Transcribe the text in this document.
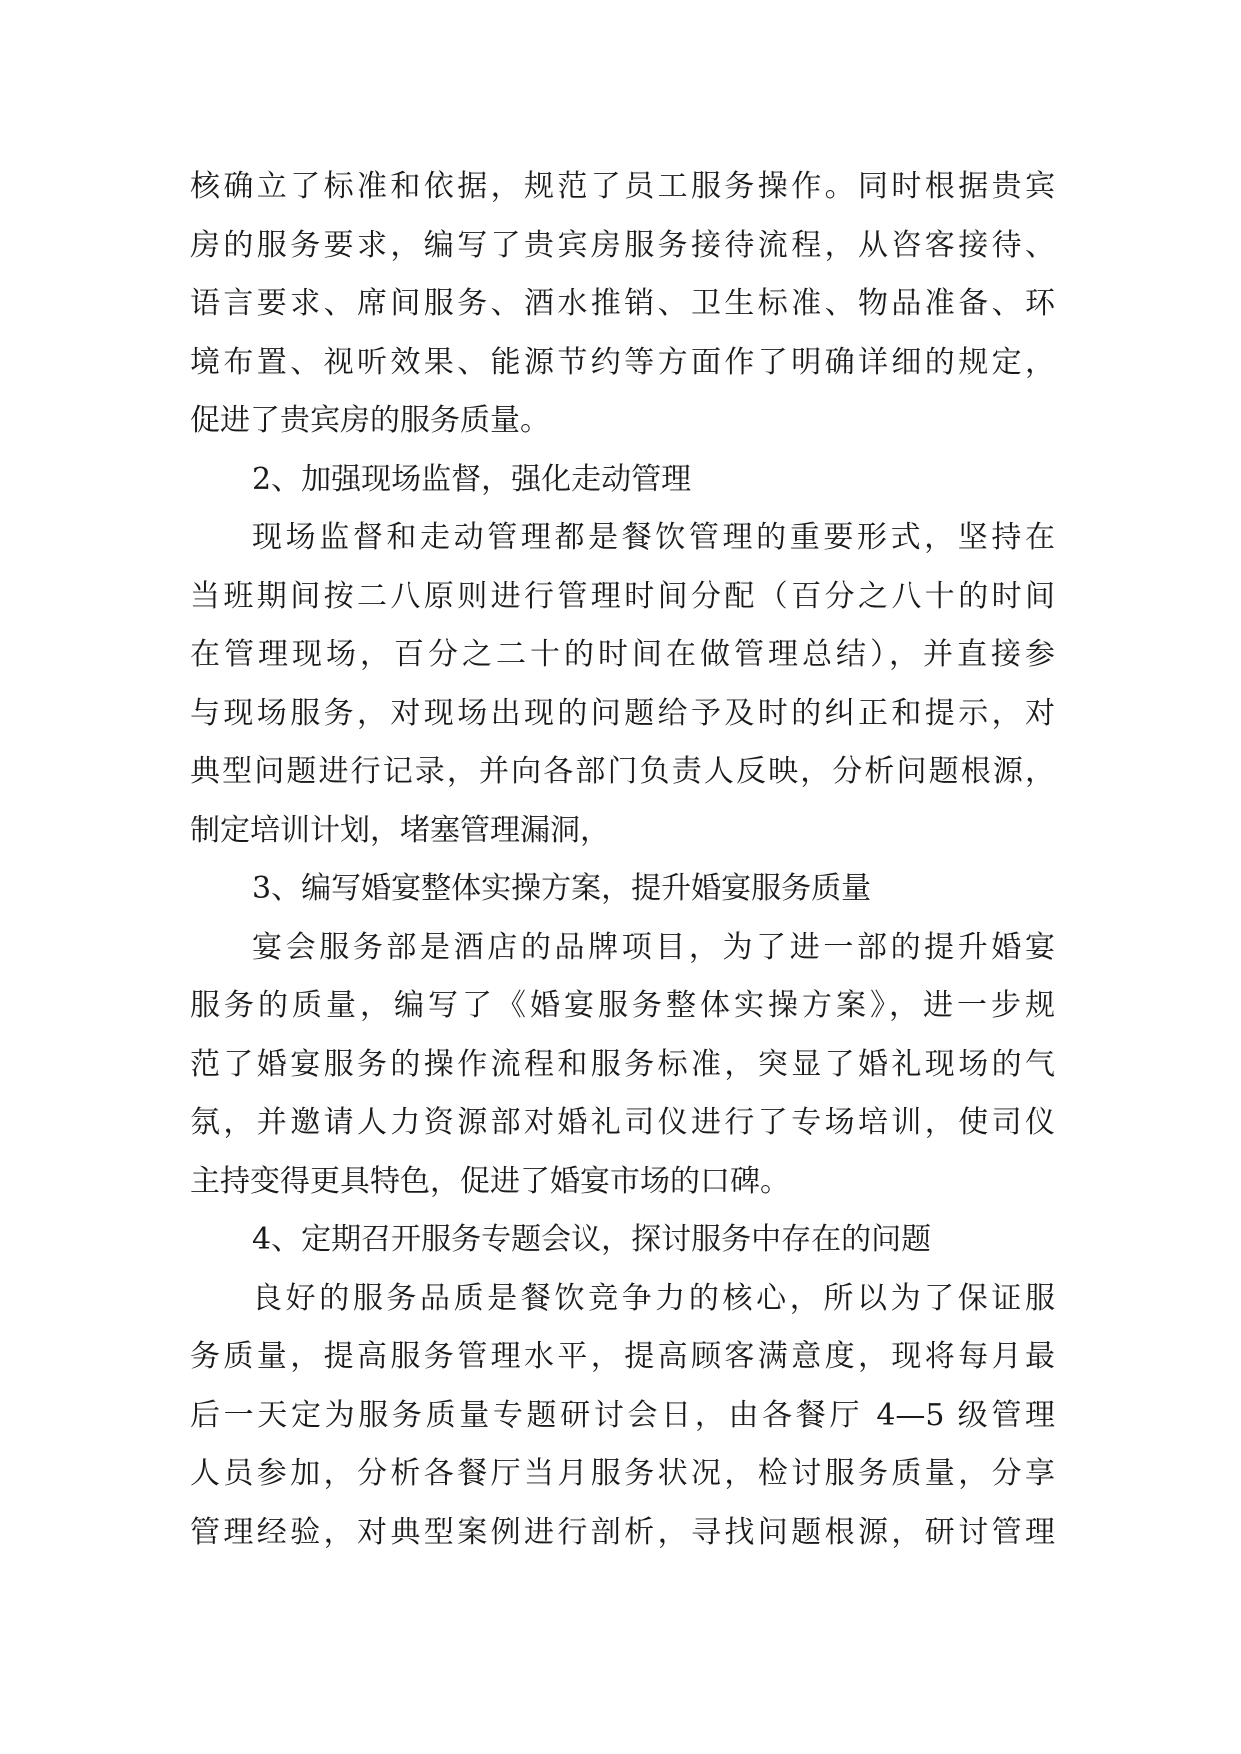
核确立了标准和依据，规范了员工服务操作。同时根据贵宾
房的服务要求，编写了贵宾房服务接待流程，从咨客接待、
语言要求、席间服务、酒水推销、卫生标准、物品准备、环
境布置、视听效果、能源节约等方面作了明确详细的规定，
促进了贵宾房的服务质量。
2、加强现场监督，强化走动管理
现场监督和走动管理都是餐饮管理的重要形式，坚持在
当班期间按二八原则进行管理时间分配（百分之八十的时间
在管理现场，百分之二十的时间在做管理总结），并直接参
与现场服务，对现场出现的问题给予及时的纠正和提示，对
典型问题进行记录，并向各部门负责人反映，分析问题根源，
制定培训计划，堵塞管理漏洞，
3、编写婚宴整体实操方案，提升婚宴服务质量
宴会服务部是酒店的品牌项目，为了进一部的提升婚宴
服务的质量，编写了《婚宴服务整体实操方案》，进一步规
范了婚宴服务的操作流程和服务标准，突显了婚礼现场的气
氛，并邀请人力资源部对婚礼司仪进行了专场培训，使司仪
主持变得更具特色，促进了婚宴市场的口碑。
4、定期召开服务专题会议，探讨服务中存在的问题
良好的服务品质是餐饮竞争力的核心，所以为了保证服
务质量，提高服务管理水平，提高顾客满意度，现将每月最
后一天定为服务质量专题研讨会日，由各餐厅 4—5 级管理
人员参加，分析各餐厅当月服务状况，检讨服务质量，分享
管理经验，对典型案例进行剖析，寻找问题根源，研讨管理
